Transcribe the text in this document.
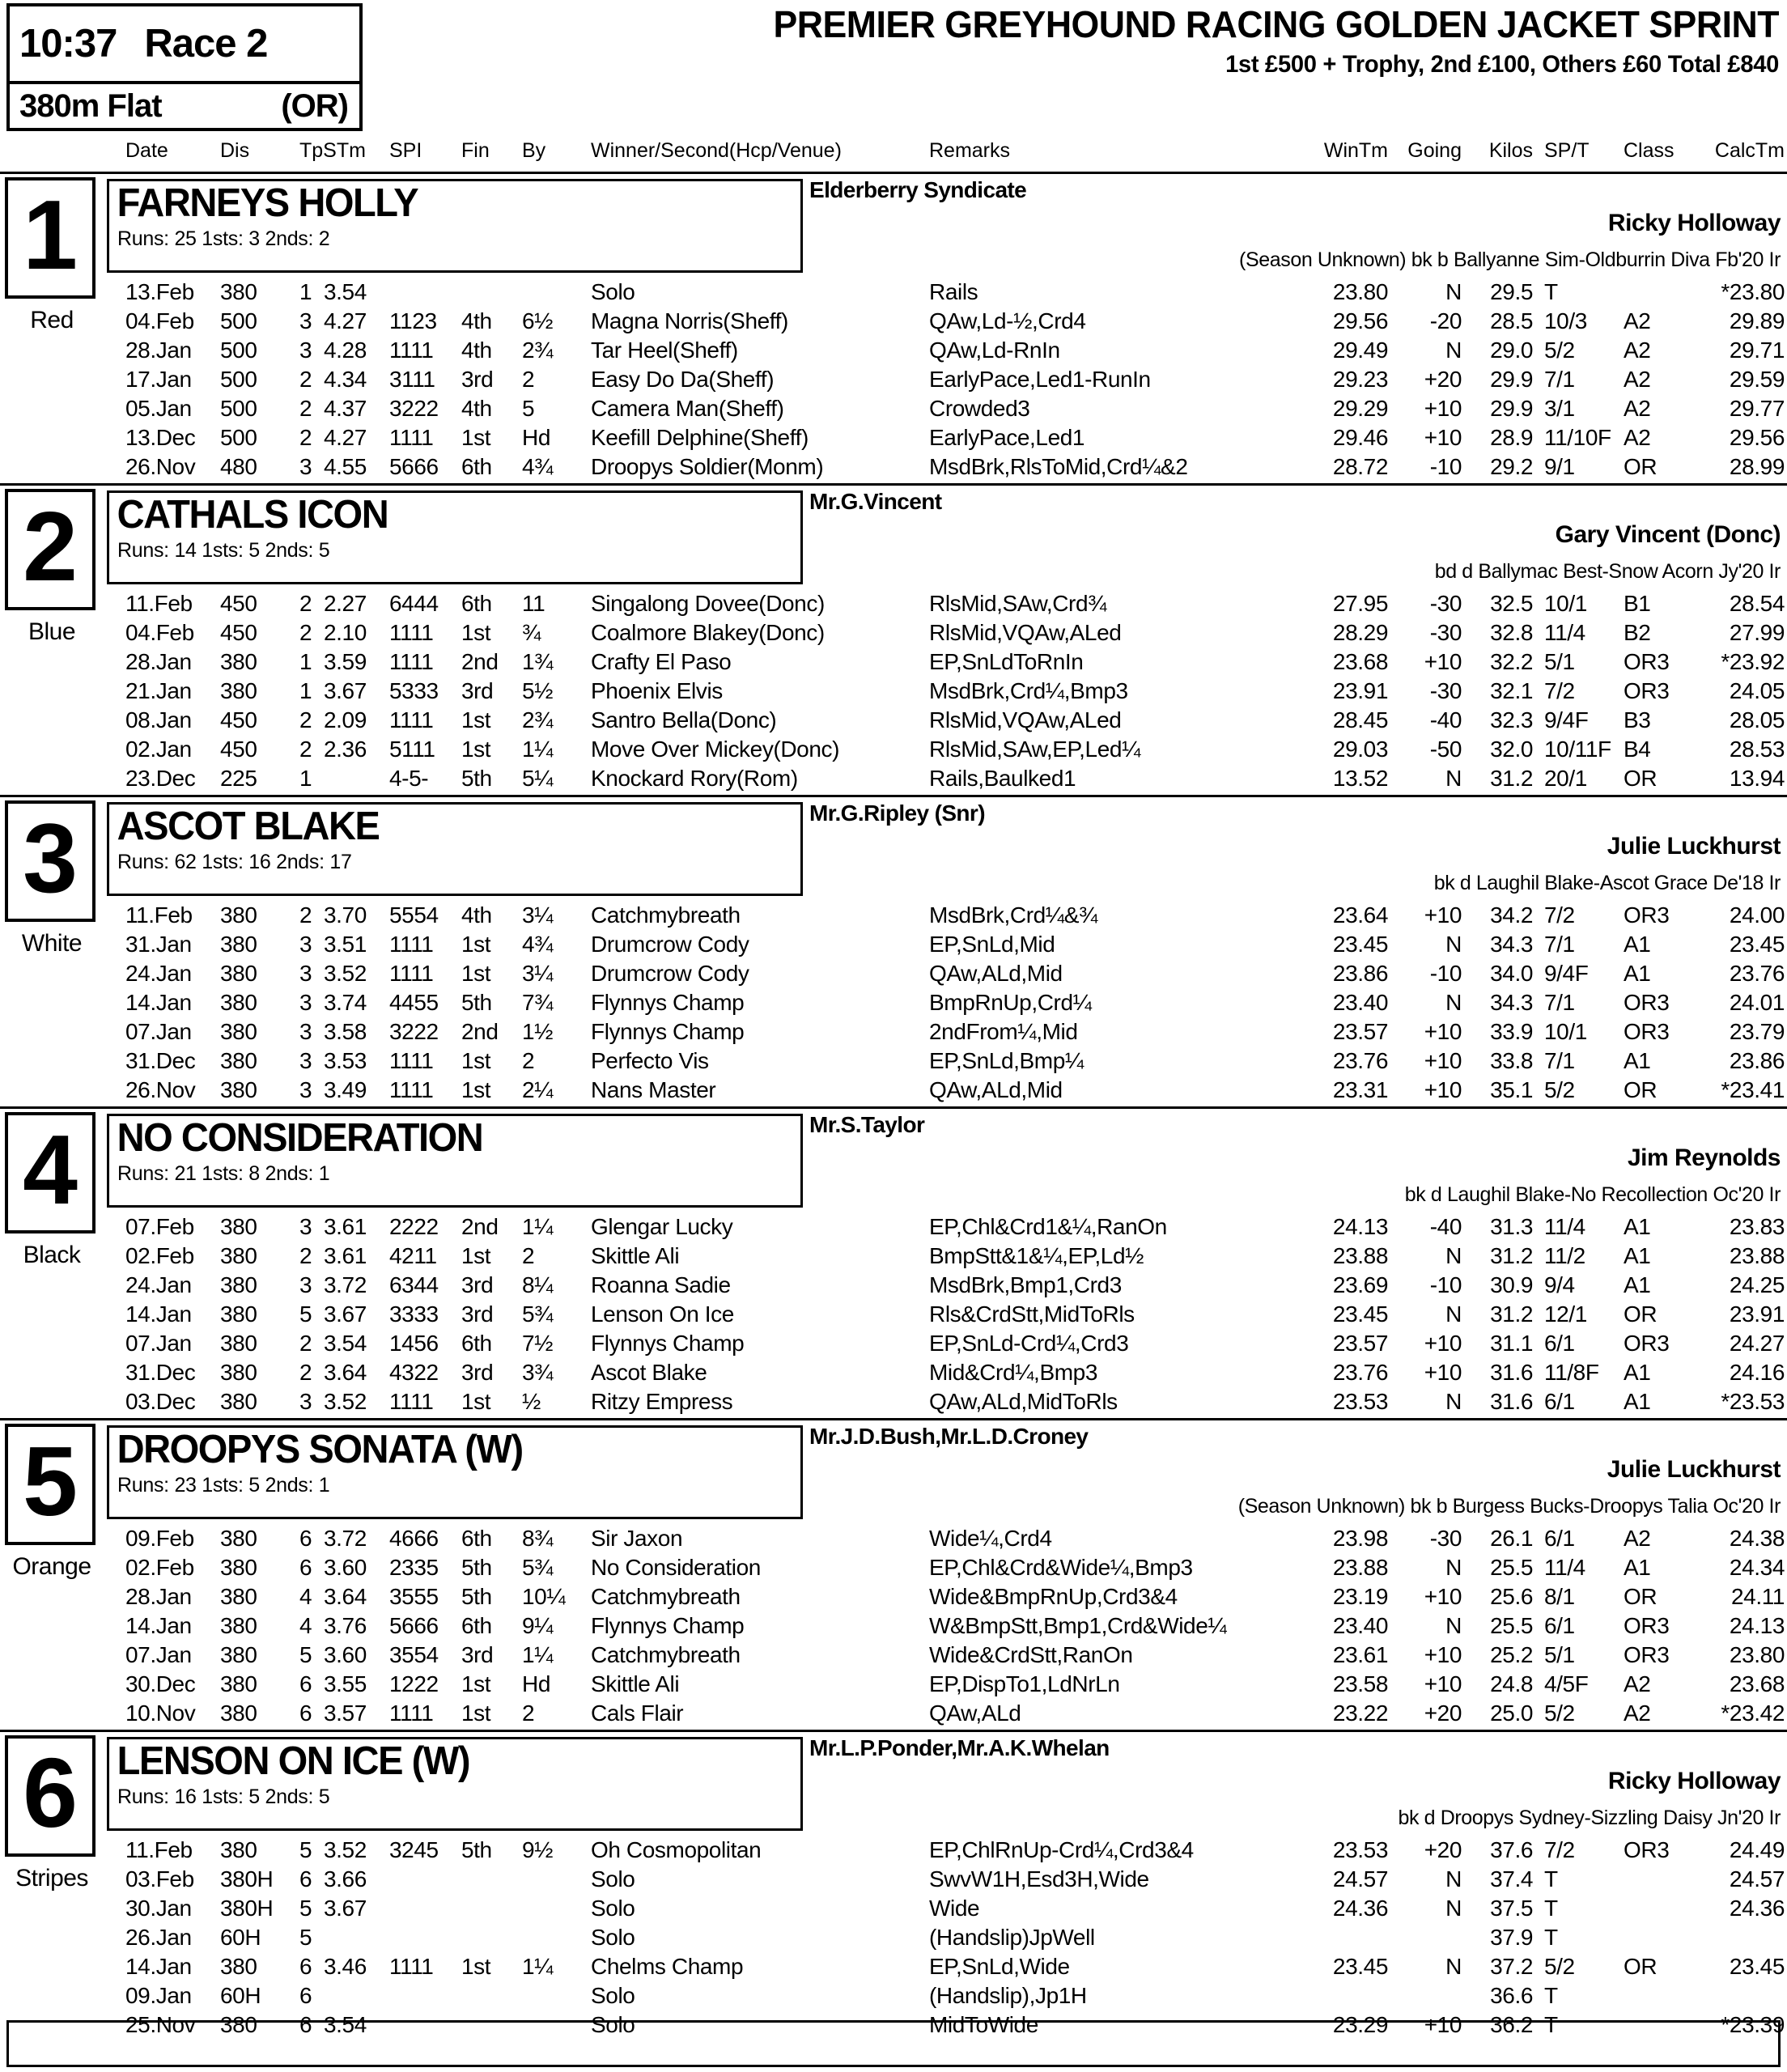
10:37 Race 2
380m Flat	(OR)
PREMIER GREYHOUND RACING GOLDEN JACKET SPRINT
1st £500 + Trophy, 2nd £100, Others £60 Total £840
Date	Dis TpSTm SPI Fin By Winner/Second(Hcp/Venue)	Remarks	WinTm Going	Kilos SP/T Class	CalcTm
1
Red
FARNEYS HOLLY
Runs: 25 1sts: 3 2nds: 2
Elderberry Syndicate
Ricky Holloway
(Season Unknown) bk b Ballyanne Sim-Oldburrin Diva Fb'20 Ir
13.Feb 380 1 3.54	Solo	Rails	23.80	N	29.5 T	*23.80
04.Feb 500 3 4.27 1123 4th 6½ Magna Norris(Sheff)	QAw,Ld-½,Crd4	29.56	-20	28.5 10/3 A2	29.89
28.Jan 500 3 4.28 1111 4th 2¾ Tar Heel(Sheff)	QAw,Ld-RnIn	29.49	N	29.0 5/2 A2	29.71
17.Jan 500 2 4.34 3111 3rd 2 Easy Do Da(Sheff)	EarlyPace,Led1-RunIn	29.23	+20	29.9 7/1 A2	29.59
05.Jan 500 2 4.37 3222 4th 5 Camera Man(Sheff)	Crowded3	29.29	+10	29.9 3/1 A2	29.77
13.Dec 500 2 4.27 1111 1st Hd Keefill Delphine(Sheff)	EarlyPace,Led1	29.46	+10	28.9 11/10F A2	29.56
26.Nov 480 3 4.55 5666 6th 4¾ Droopys Soldier(Monm)	MsdBrk,RlsToMid,Crd¼&2	28.72	-10	29.2 9/1 OR	28.99
2
Blue
CATHALS ICON
Runs: 14 1sts: 5 2nds: 5
Mr.G.Vincent
Gary Vincent (Donc)
bd d Ballymac Best-Snow Acorn Jy'20 Ir
11.Feb 450 2 2.27 6444 6th 11 Singalong Dovee(Donc)	RlsMid,SAw,Crd¾	27.95	-30	32.5 10/1 B1	28.54
04.Feb 450 2 2.10 1111 1st ¾ Coalmore Blakey(Donc)	RlsMid,VQAw,ALed	28.29	-30	32.8 11/4 B2	27.99
28.Jan 380 1 3.59 1111 2nd 1¾ Crafty El Paso	EP,SnLdToRnIn	23.68	+10	32.2 5/1 OR3	*23.92
21.Jan 380 1 3.67 5333 3rd 5½ Phoenix Elvis	MsdBrk,Crd¼,Bmp3	23.91	-30	32.1 7/2 OR3	24.05
08.Jan 450 2 2.09 1111 1st 2¾ Santro Bella(Donc)	RlsMid,VQAw,ALed	28.45	-40	32.3 9/4F B3	28.05
02.Jan 450 2 2.36 5111 1st 1¼ Move Over Mickey(Donc)	RlsMid,SAw,EP,Led¼	29.03	-50	32.0 10/11F B4	28.53
23.Dec 225 1	4-5- 5th 5¼ Knockard Rory(Rom)	Rails,Baulked1	13.52	N	31.2 20/1 OR	13.94
3
White
ASCOT BLAKE
Runs: 62 1sts: 16 2nds: 17
Mr.G.Ripley (Snr)
Julie Luckhurst
bk d Laughil Blake-Ascot Grace De'18 Ir
11.Feb 380 2 3.70 5554 4th 3¼ Catchmybreath	MsdBrk,Crd¼&¾	23.64	+10	34.2 7/2 OR3	24.00
31.Jan 380 3 3.51 1111 1st 4¾ Drumcrow Cody	EP,SnLd,Mid	23.45	N	34.3 7/1 A1	23.45
24.Jan 380 3 3.52 1111 1st 3¼ Drumcrow Cody	QAw,ALd,Mid	23.86	-10	34.0 9/4F A1	23.76
14.Jan 380 3 3.74 4455 5th 7¾ Flynnys Champ	BmpRnUp,Crd¼	23.40	N	34.3 7/1 OR3	24.01
07.Jan 380 3 3.58 3222 2nd 1½ Flynnys Champ	2ndFrom¼,Mid	23.57	+10	33.9 10/1 OR3	23.79
31.Dec 380 3 3.53 1111 1st 2 Perfecto Vis	EP,SnLd,Bmp¼	23.76	+10	33.8 7/1 A1	23.86
26.Nov 380 3 3.49 1111 1st 2¼ Nans Master	QAw,ALd,Mid	23.31	+10	35.1 5/2 OR	*23.41
4
Black
NO CONSIDERATION
Runs: 21 1sts: 8 2nds: 1
Mr.S.Taylor
Jim Reynolds
bk d Laughil Blake-No Recollection Oc'20 Ir
07.Feb 380 3 3.61 2222 2nd 1¼ Glengar Lucky	EP,Chl&Crd1&¼,RanOn	24.13	-40	31.3 11/4 A1	23.83
02.Feb 380 2 3.61 4211 1st 2 Skittle Ali	BmpStt&1&¼,EP,Ld½	23.88	N	31.2 11/2 A1	23.88
24.Jan 380 3 3.72 6344 3rd 8¼ Roanna Sadie	MsdBrk,Bmp1,Crd3	23.69	-10	30.9 9/4 A1	24.25
14.Jan 380 5 3.67 3333 3rd 5¾ Lenson On Ice	Rls&CrdStt,MidToRls	23.45	N	31.2 12/1 OR	23.91
07.Jan 380 2 3.54 1456 6th 7½ Flynnys Champ	EP,SnLd-Crd¼,Crd3	23.57	+10	31.1 6/1 OR3	24.27
31.Dec 380 2 3.64 4322 3rd 3¾ Ascot Blake	Mid&Crd¼,Bmp3	23.76	+10	31.6 11/8F A1	24.16
03.Dec 380 3 3.52 1111 1st ½ Ritzy Empress	QAw,ALd,MidToRls	23.53	N	31.6 6/1 A1	*23.53
5
Orange
DROOPYS SONATA (W)
Runs: 23 1sts: 5 2nds: 1
Mr.J.D.Bush,Mr.L.D.Croney
Julie Luckhurst
(Season Unknown) bk b Burgess Bucks-Droopys Talia Oc'20 Ir
09.Feb 380 6 3.72 4666 6th 8¾ Sir Jaxon	Wide¼,Crd4	23.98	-30	26.1 6/1 A2	24.38
02.Feb 380 6 3.60 2335 5th 5¾ No Consideration	EP,Chl&Crd&Wide¼,Bmp3	23.88	N	25.5 11/4 A1	24.34
28.Jan 380 4 3.64 3555 5th 10¼ Catchmybreath	Wide&BmpRnUp,Crd3&4	23.19	+10	25.6 8/1 OR	24.11
14.Jan 380 4 3.76 5666 6th 9¼ Flynnys Champ	W&BmpStt,Bmp1,Crd&Wide¼	23.40	N	25.5 6/1 OR3	24.13
07.Jan 380 5 3.60 3554 3rd 1¼ Catchmybreath	Wide&CrdStt,RanOn	23.61	+10	25.2 5/1 OR3	23.80
30.Dec 380 6 3.55 1222 1st Hd Skittle Ali	EP,DispTo1,LdNrLn	23.58	+10	24.8 4/5F A2	23.68
10.Nov 380 6 3.57 1111 1st 2 Cals Flair	QAw,ALd	23.22	+20	25.0 5/2 A2	*23.42
6
Stripes
LENSON ON ICE (W)
Runs: 16 1sts: 5 2nds: 5
Mr.L.P.Ponder,Mr.A.K.Whelan
Ricky Holloway
bk d Droopys Sydney-Sizzling Daisy Jn'20 Ir
11.Feb 380 5 3.52 3245 5th 9½ Oh Cosmopolitan	EP,ChlRnUp-Crd¼,Crd3&4	23.53	+20	37.6 7/2 OR3	24.49
03.Feb 380H 6 3.66	Solo	SwvW1H,Esd3H,Wide	24.57	N	37.4 T	24.57
30.Jan 380H 5 3.67	Solo	Wide	24.36	N	37.5 T	24.36
26.Jan 60H 5	Solo	(Handslip)JpWell	37.9 T
14.Jan 380 6 3.46 1111 1st 1¼ Chelms Champ	EP,SnLd,Wide	23.45	N	37.2 5/2 OR	23.45
09.Jan 60H 6	Solo	(Handslip),Jp1H	36.6 T
25.Nov 380 6 3.54	Solo	MidToWide	23.29	+10	36.2 T	*23.39
